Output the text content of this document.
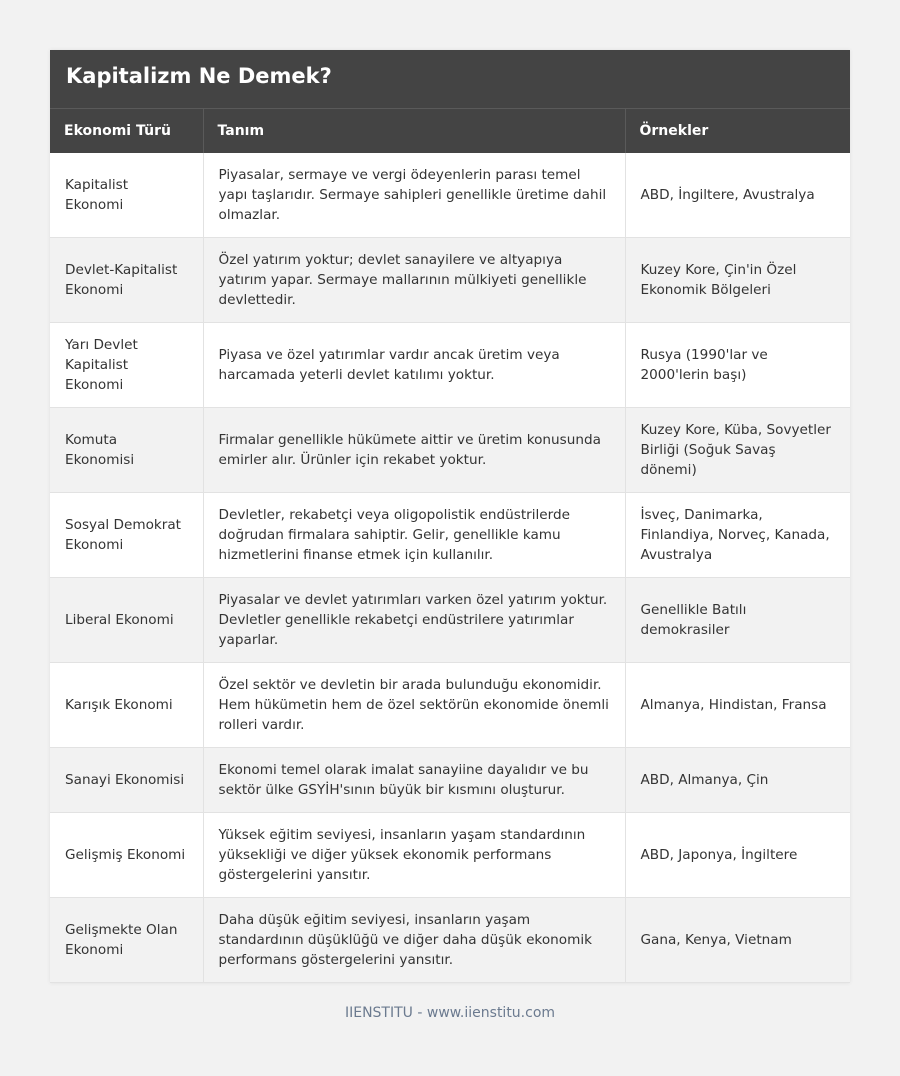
Kapitalizm Ne Demek?
Ekonomi Türü	Tanım	Örnekler
Kapitalist Ekonomi	Piyasalar, sermaye ve vergi ödeyenlerin parası temel yapı taşlarıdır. Sermaye sahipleri genellikle üretime dahil olmazlar.	ABD, İngiltere, Avustralya
Devlet-Kapitalist Ekonomi	Özel yatırım yoktur; devlet sanayilere ve altyapıya yatırım yapar. Sermaye mallarının mülkiyeti genellikle devlettedir.	Kuzey Kore, Çin'in Özel Ekonomik Bölgeleri
Yarı Devlet Kapitalist Ekonomi	Piyasa ve özel yatırımlar vardır ancak üretim veya harcamada yeterli devlet katılımı yoktur.	Rusya (1990'lar ve 2000'lerin başı)
Komuta Ekonomisi	Firmalar genellikle hükümete aittir ve üretim konusunda emirler alır. Ürünler için rekabet yoktur.	Kuzey Kore, Küba, Sovyetler Birliği (Soğuk Savaş dönemi)
Sosyal Demokrat Ekonomi	Devletler, rekabetçi veya oligopolistik endüstrilerde doğrudan firmalara sahiptir. Gelir, genellikle kamu hizmetlerini finanse etmek için kullanılır.	İsveç, Danimarka, Finlandiya, Norveç, Kanada, Avustralya
Liberal Ekonomi	Piyasalar ve devlet yatırımları varken özel yatırım yoktur. Devletler genellikle rekabetçi endüstrilere yatırımlar yaparlar.	Genellikle Batılı demokrasiler
Karışık Ekonomi	Özel sektör ve devletin bir arada bulunduğu ekonomidir. Hem hükümetin hem de özel sektörün ekonomide önemli rolleri vardır.	Almanya, Hindistan, Fransa
Sanayi Ekonomisi	Ekonomi temel olarak imalat sanayiine dayalıdır ve bu sektör ülke GSYİH'sının büyük bir kısmını oluşturur.	ABD, Almanya, Çin
Gelişmiş Ekonomi	Yüksek eğitim seviyesi, insanların yaşam standardının yüksekliği ve diğer yüksek ekonomik performans göstergelerini yansıtır.	ABD, Japonya, İngiltere
Gelişmekte Olan Ekonomi	Daha düşük eğitim seviyesi, insanların yaşam standardının düşüklüğü ve diğer daha düşük ekonomik performans göstergelerini yansıtır.	Gana, Kenya, Vietnam
IIENSTITU - www.iienstitu.com
